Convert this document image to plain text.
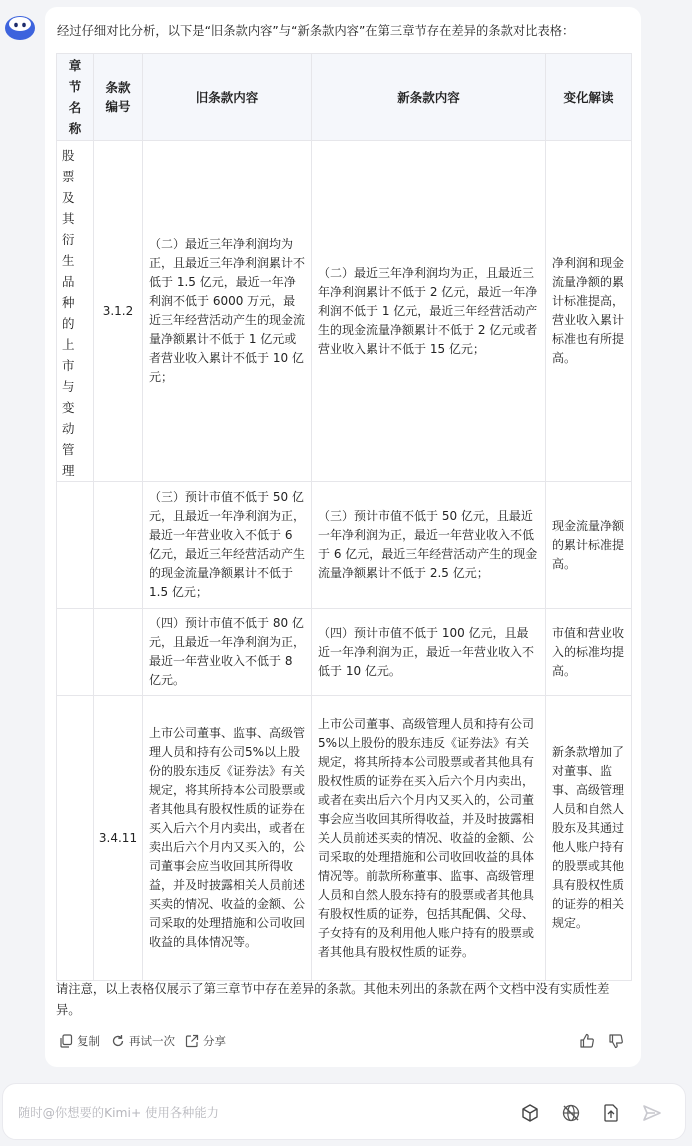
经过仔细对比分析，以下是“旧条款内容”与“新条款内容”在第三章节存在差异的条款对比表格：
章节名称	条款编号	旧条款内容	新条款内容	变化解读

股票及其衍生品种的上市与变动管理	3.1.2	（二）最近三年净利润均为正，且最近三年净利润累计不低于 1.5 亿元，最近一年净利润不低于 6000 万元，最近三年经营活动产生的现金流量净额累计不低于 1 亿元或者营业收入累计不低于 10 亿元；	（二）最近三年净利润均为正，且最近三年净利润累计不低于 2 亿元，最近一年净利润不低于 1 亿元，最近三年经营活动产生的现金流量净额累计不低于 2 亿元或者营业收入累计不低于 15 亿元；	净利润和现金流量净额的累计标准提高，营业收入累计标准也有所提高。
		（三）预计市值不低于 50 亿元，且最近一年净利润为正，最近一年营业收入不低于 6 亿元，最近三年经营活动产生的现金流量净额累计不低于 1.5 亿元；	（三）预计市值不低于 50 亿元，且最近一年净利润为正，最近一年营业收入不低于 6 亿元，最近三年经营活动产生的现金流量净额累计不低于 2.5 亿元；	现金流量净额的累计标准提高。
		（四）预计市值不低于 80 亿元，且最近一年净利润为正，最近一年营业收入不低于 8 亿元。	（四）预计市值不低于 100 亿元，且最近一年净利润为正，最近一年营业收入不低于 10 亿元。	市值和营业收入的标准均提高。
	3.4.11	上市公司董事、监事、高级管理人员和持有公司5%以上股份的股东违反《证券法》有关规定，将其所持本公司股票或者其他具有股权性质的证券在买入后六个月内卖出，或者在卖出后六个月内又买入的，公司董事会应当收回其所得收益，并及时披露相关人员前述买卖的情况、收益的金额、公司采取的处理措施和公司收回收益的具体情况等。	上市公司董事、高级管理人员和持有公司5%以上股份的股东违反《证券法》有关规定，将其所持本公司股票或者其他具有股权性质的证券在买入后六个月内卖出，或者在卖出后六个月内又买入的，公司董事会应当收回其所得收益，并及时披露相关人员前述买卖的情况、收益的金额、公司采取的处理措施和公司收回收益的具体情况等。前款所称董事、监事、高级管理人员和自然人股东持有的股票或者其他具有股权性质的证券，包括其配偶、父母、子女持有的及利用他人账户持有的股票或者其他具有股权性质的证券。	新条款增加了对董事、监事、高级管理人员和自然人股东及其通过他人账户持有的股票或其他具有股权性质的证券的相关规定。
请注意，以上表格仅展示了第三章节中存在差异的条款。其他未列出的条款在两个文档中没有实质性差异。
复制	再试一次 分享
随时@你想要的Kimi+ 使用各种能力
